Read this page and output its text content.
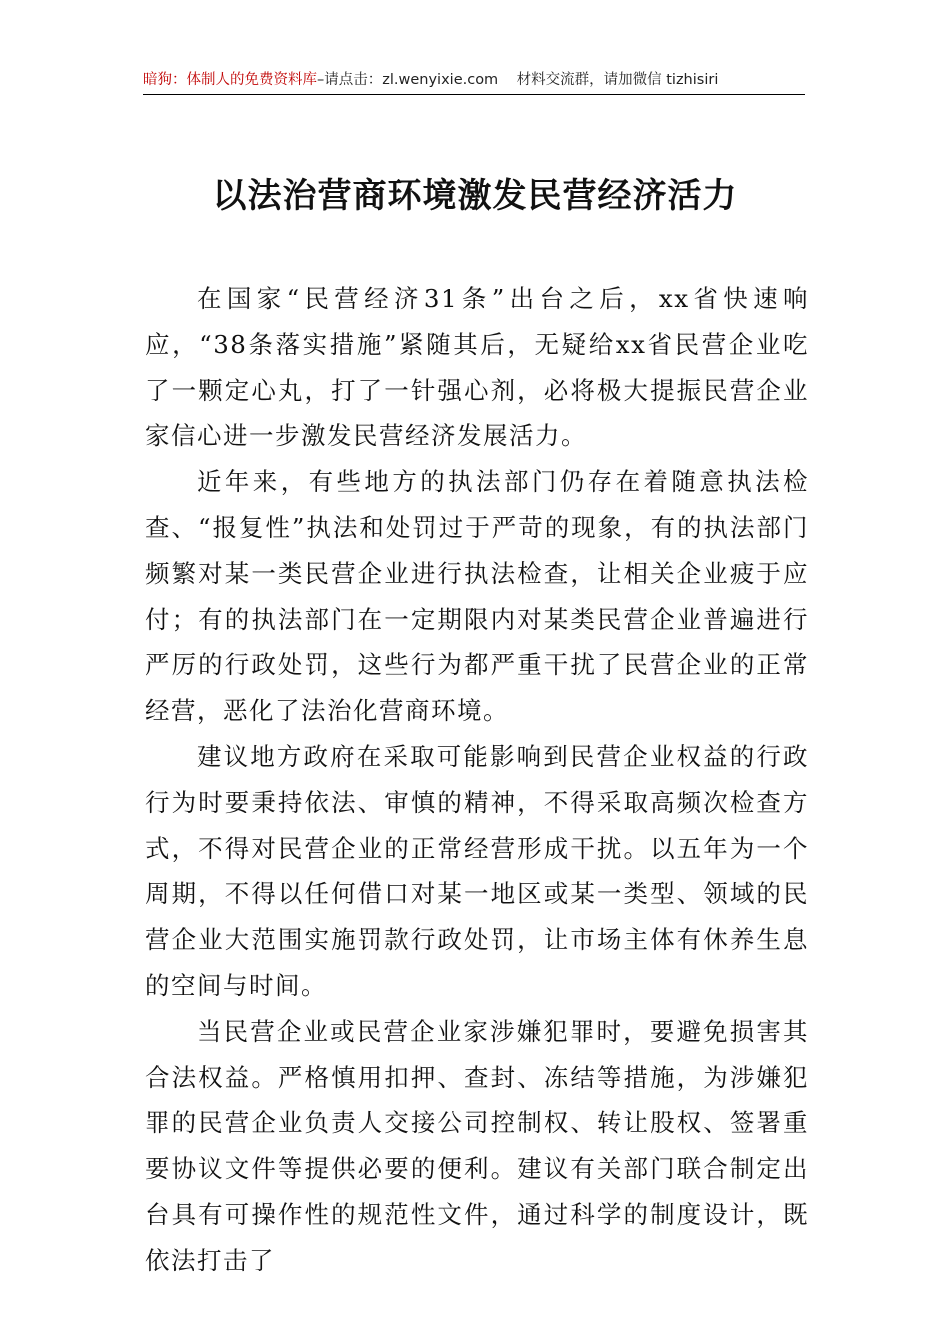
暗狗：体制人的免费资料库–请点击：zl.wenyixie.com 材料交流群，请加微信 tizhisiri
以法治营商环境激发民营经济活力

在国家“民营经济31条”出台之后，xx省快速响应，“38条落实措施”紧随其后，无疑给xx省民营企业吃了一颗定心丸，打了一针强心剂，必将极大提振民营企业家信心进一步激发民营经济发展活力。

近年来，有些地方的执法部门仍存在着随意执法检查、“报复性”执法和处罚过于严苛的现象，有的执法部门频繁对某一类民营企业进行执法检查，让相关企业疲于应付；有的执法部门在一定期限内对某类民营企业普遍进行严厉的行政处罚，这些行为都严重干扰了民营企业的正常经营，恶化了法治化营商环境。

建议地方政府在采取可能影响到民营企业权益的行政行为时要秉持依法、审慎的精神，不得采取高频次检查方式，不得对民营企业的正常经营形成干扰。以五年为一个周期，不得以任何借口对某一地区或某一类型、领域的民营企业大范围实施罚款行政处罚，让市场主体有休养生息的空间与时间。

当民营企业或民营企业家涉嫌犯罪时，要避免损害其合法权益。严格慎用扣押、查封、冻结等措施，为涉嫌犯罪的民营企业负责人交接公司控制权、转让股权、签署重要协议文件等提供必要的便利。建议有关部门联合制定出台具有可操作性的规范性文件，通过科学的制度设计，既依法打击了
